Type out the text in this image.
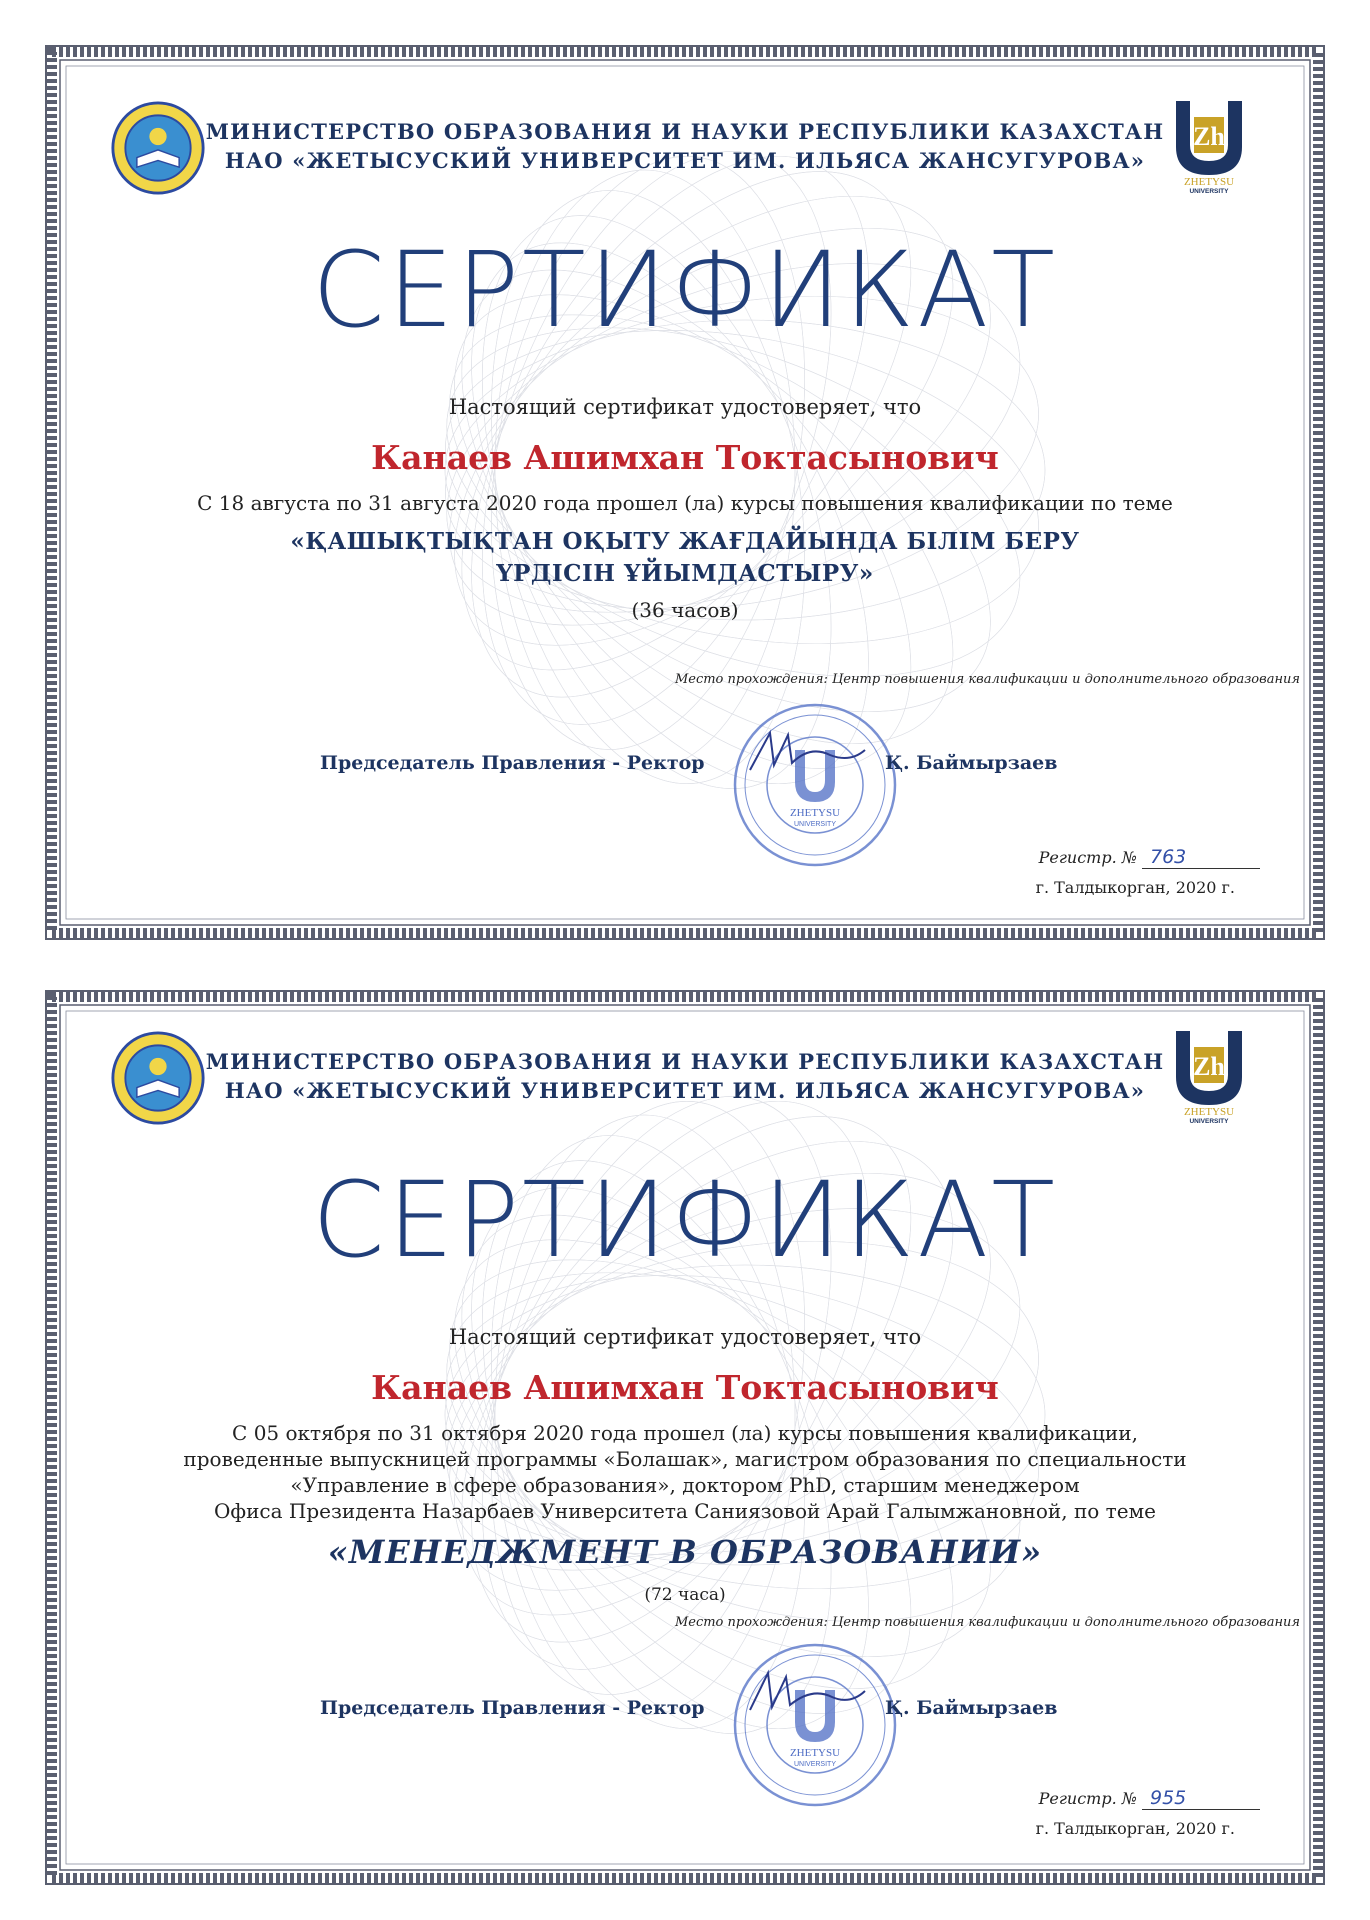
Zh
1972
ZHETYSU
UNIVERSITY
МИНИСТЕРСТВО ОБРАЗОВАНИЯ И НАУКИ РЕСПУБЛИКИ КАЗАХСТАН
НАО «ЖЕТЫСУСКИЙ УНИВЕРСИТЕТ ИМ. ИЛЬЯСА ЖАНСУГУРОВА»
СЕРТИФИКАТ
Настоящий сертификат удостоверяет, что
Канаев Ашимхан Токтасынович
С 18 августа по 31 августа 2020 года прошел (ла) курсы повышения квалификации по теме
«ҚАШЫҚТЫҚТАН ОҚЫТУ ЖАҒДАЙЫНДА БІЛІМ БЕРУ
ҮРДІСІН ҰЙЫМДАСТЫРУ»
(36 часов)
Место прохождения: Центр повышения квалификации и дополнительного образования
Председатель Правления - Ректор
ZHETYSU
UNIVERSITY
Қ. Баймырзаев
Регистр. № 763
г. Талдыкорган, 2020 г.
Zh
1972
ZHETYSU
UNIVERSITY
МИНИСТЕРСТВО ОБРАЗОВАНИЯ И НАУКИ РЕСПУБЛИКИ КАЗАХСТАН
НАО «ЖЕТЫСУСКИЙ УНИВЕРСИТЕТ ИМ. ИЛЬЯСА ЖАНСУГУРОВА»
СЕРТИФИКАТ
Настоящий сертификат удостоверяет, что
Канаев Ашимхан Токтасынович
С 05 октября по 31 октября 2020 года прошел (ла) курсы повышения квалификации,
проведенные выпускницей программы «Болашак», магистром образования по специальности
«Управление в сфере образования», доктором PhD, старшим менеджером
Офиса Президента Назарбаев Университета Саниязовой Арай Галымжановной, по теме
«МЕНЕДЖМЕНТ В ОБРАЗОВАНИИ»
(72 часа)
Место прохождения: Центр повышения квалификации и дополнительного образования
Председатель Правления - Ректор
ZHETYSU
UNIVERSITY
Қ. Баймырзаев
Регистр. № 955
г. Талдыкорган, 2020 г.
